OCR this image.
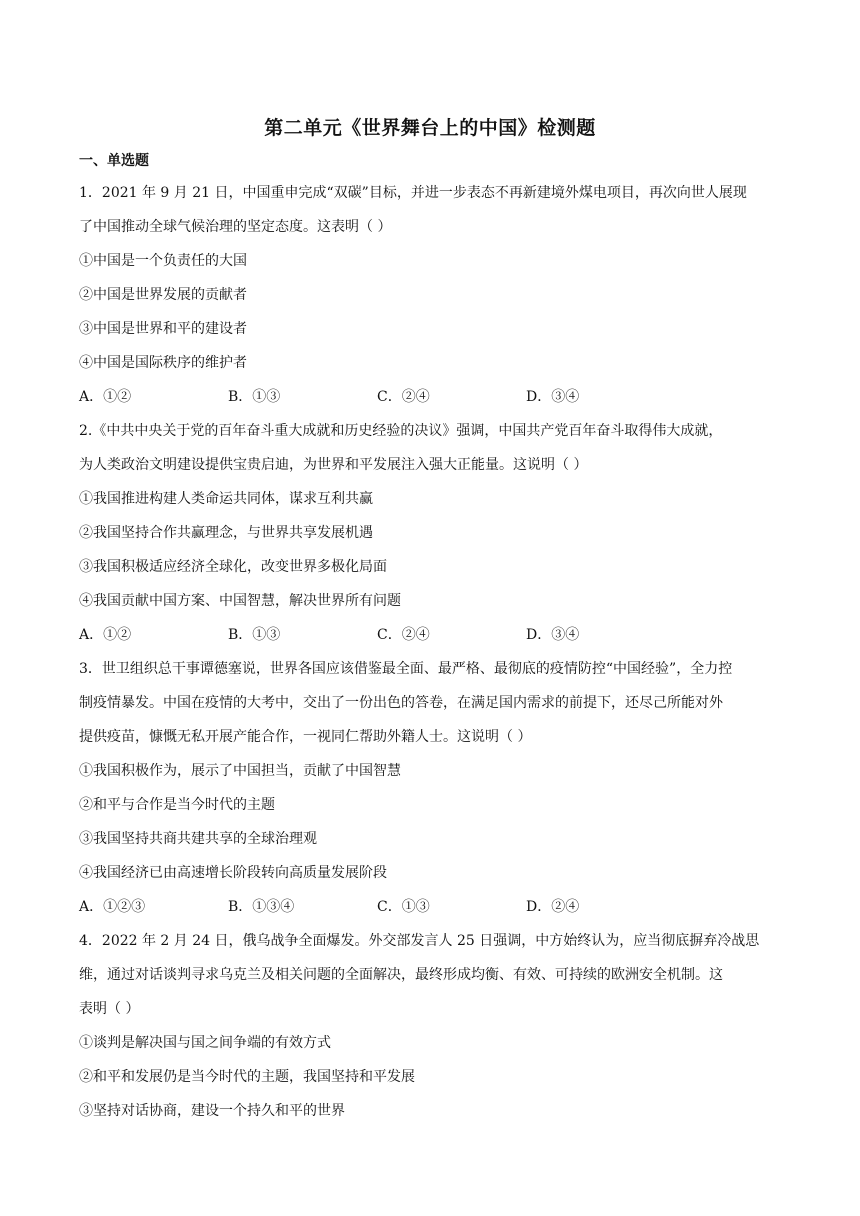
第二单元《世界舞台上的中国》检测题
一、单选题
1．2021 年 9 月 21 日，中国重申完成“双碳”目标，并进一步表态不再新建境外煤电项目，再次向世人展现
了中国推动全球气候治理的坚定态度。这表明（ ）
①中国是一个负责任的大国
②中国是世界发展的贡献者
③中国是世界和平的建设者
④中国是国际秩序的维护者
A．①②	B．①③	C．②④	D．③④
2.《中共中央关于党的百年奋斗重大成就和历史经验的决议》强调，中国共产党百年奋斗取得伟大成就，
为人类政治文明建设提供宝贵启迪，为世界和平发展注入强大正能量。这说明（ ）
①我国推进构建人类命运共同体，谋求互利共赢
②我国坚持合作共赢理念，与世界共享发展机遇
③我国积极适应经济全球化，改变世界多极化局面
④我国贡献中国方案、中国智慧，解决世界所有问题
A．①②	B．①③	C．②④	D．③④
3．世卫组织总干事谭德塞说，世界各国应该借鉴最全面、最严格、最彻底的疫情防控“中国经验”，全力控
制疫情暴发。中国在疫情的大考中，交出了一份出色的答卷，在满足国内需求的前提下，还尽己所能对外
提供疫苗，慷慨无私开展产能合作，一视同仁帮助外籍人士。这说明（ ）
①我国积极作为，展示了中国担当，贡献了中国智慧
②和平与合作是当今时代的主题
③我国坚持共商共建共享的全球治理观
④我国经济已由高速增长阶段转向高质量发展阶段
A．①②③	B．①③④	C．①③	D．②④
4．2022 年 2 月 24 日，俄乌战争全面爆发。外交部发言人 25 日强调，中方始终认为，应当彻底摒弃冷战思
维，通过对话谈判寻求乌克兰及相关问题的全面解决，最终形成均衡、有效、可持续的欧洲安全机制。这
表明（ ）
①谈判是解决国与国之间争端的有效方式
②和平和发展仍是当今时代的主题，我国坚持和平发展
③坚持对话协商，建设一个持久和平的世界
